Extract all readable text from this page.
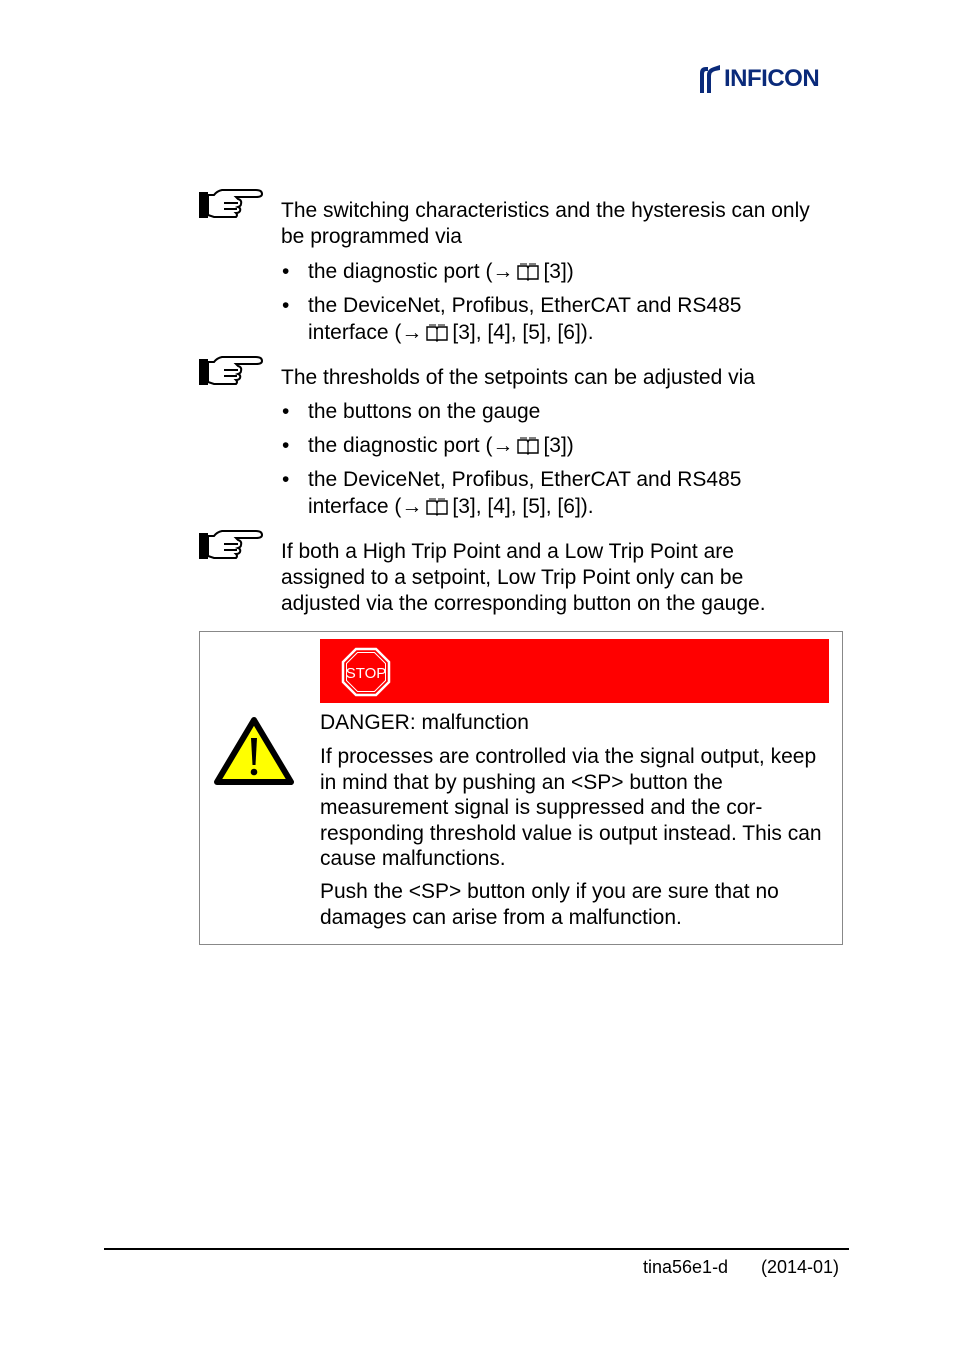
INFICON
The switching characteristics and the hysteresis can only be programmed via
• the diagnostic port (→ [3])
• the DeviceNet, Profibus, EtherCAT and RS485 interface (→ [3], [4], [5], [6]).
The thresholds of the setpoints can be adjusted via
• the buttons on the gauge
• the diagnostic port (→ [3])
• the DeviceNet, Profibus, EtherCAT and RS485 interface (→ [3], [4], [5], [6]).
If both a High Trip Point and a Low Trip Point are assigned to a setpoint, Low Trip Point only can be adjusted via the corresponding button on the gauge.
STOP
DANGER: malfunction
If processes are controlled via the signal output, keep in mind that by pushing an <SP> button the measurement signal is suppressed and the cor-responding threshold value is output instead. This can cause malfunctions.
Push the <SP> button only if you are sure that no damages can arise from a malfunction.
tina56e1-d (2014-01)
